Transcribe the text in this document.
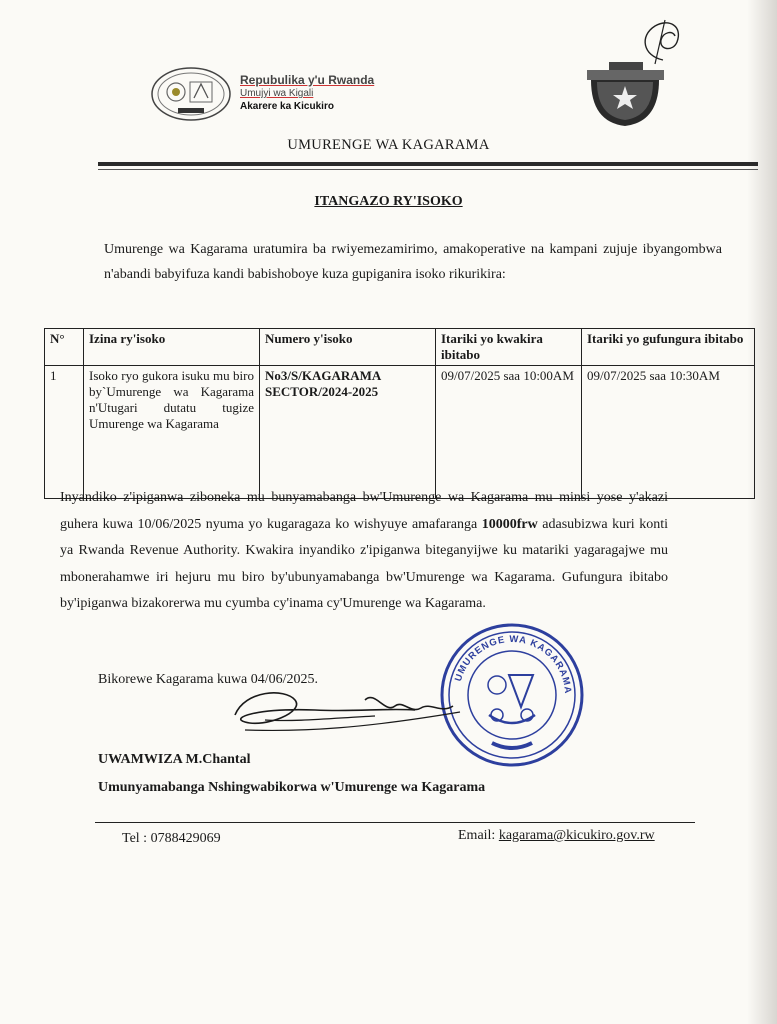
Repubulika y'u Rwanda
Umujyi wa Kigali
Akarere ka Kicukiro
UMURENGE WA KAGARAMA
ITANGAZO RY'ISOKO
Umurenge wa Kagarama uratumira ba rwiyemezamirimo, amakoperative na kampani zujuje ibyangombwa n'abandi babyifuza kandi babishoboye kuza gupiganira isoko rikurikira:
N°	Izina ry'isoko	Numero y'isoko	Itariki yo kwakira ibitabo	Itariki yo gufungura ibitabo
1	Isoko ryo gukora isuku mu biro by`Umurenge wa Kagarama n'Utugari dutatu tugize Umurenge wa Kagarama	No3/S/KAGARAMA SECTOR/2024-2025	09/07/2025 saa 10:00AM	09/07/2025 saa 10:30AM
Inyandiko z'ipiganwa ziboneka mu bunyamabanga bw'Umurenge wa Kagarama mu minsi yose y'akazi guhera kuwa 10/06/2025 nyuma yo kugaragaza ko wishyuye amafaranga 10000frw adasubizwa kuri konti ya Rwanda Revenue Authority. Kwakira inyandiko z'ipiganwa biteganyijwe ku matariki yagaragajwe mu mbonerahamwe iri hejuru mu biro by'ubunyamabanga bw'Umurenge wa Kagarama. Gufungura ibitabo by'ipiganwa bizakorerwa mu cyumba cy'inama cy'Umurenge wa Kagarama.
Bikorewe Kagarama kuwa 04/06/2025.	UMURENGE WA KAGARAMA
UWAMWIZA M.Chantal
Umunyamabanga Nshingwabikorwa w'Umurenge wa Kagarama
Tel : 0788429069	Email: kagarama@kicukiro.gov.rw
